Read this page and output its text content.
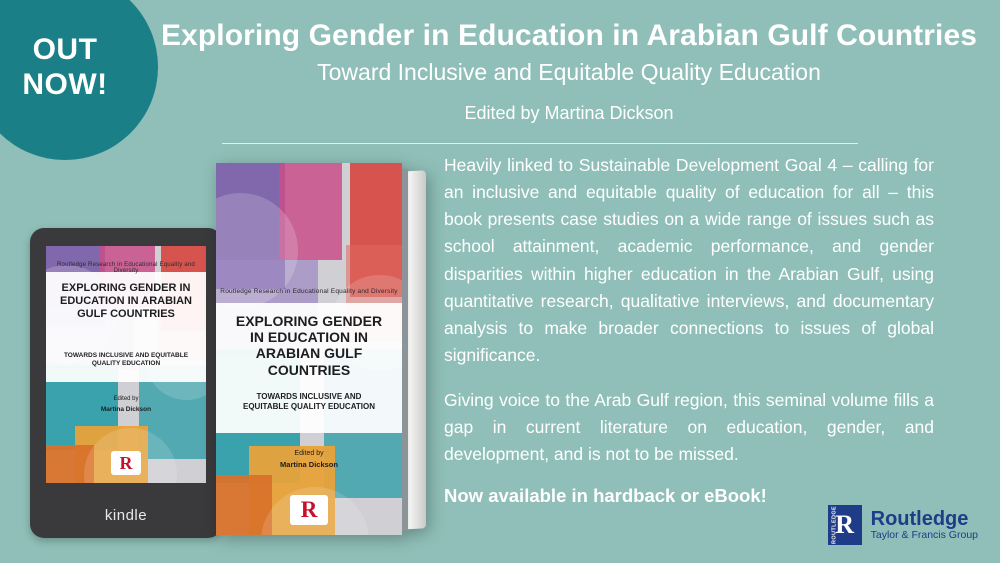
OUT
NOW!
Exploring Gender in Education in Arabian Gulf Countries
Toward Inclusive and Equitable Quality Education
Edited by Martina Dickson

Heavily linked to Sustainable Development Goal 4 – calling for an inclusive and equitable quality of education for all – this book presents case studies on a wide range of issues such as school attainment, academic performance, and gender disparities within higher education in the Arabian Gulf, using quantitative research, qualitative interviews, and documentary analysis to make broader connections to issues of global significance.

Giving voice to the Arab Gulf region, this seminal volume fills a gap in current literature on education, gender, and development, and is not to be missed.

Now available in hardback or eBook!

Routledge Research in Educational Equality and Diversity
EXPLORING GENDER IN EDUCATION IN ARABIAN GULF COUNTRIES
TOWARDS INCLUSIVE AND EQUITABLE QUALITY EDUCATION
Edited by
Martina Dickson
R
kindle
Routledge Research in Educational Equality and Diversity
EXPLORING GENDER IN EDUCATION IN ARABIAN GULF COUNTRIES
TOWARDS INCLUSIVE AND EQUITABLE QUALITY EDUCATION
Edited by
Martina Dickson
R	ROUTLEDGE
R Routledge
Taylor & Francis Group
